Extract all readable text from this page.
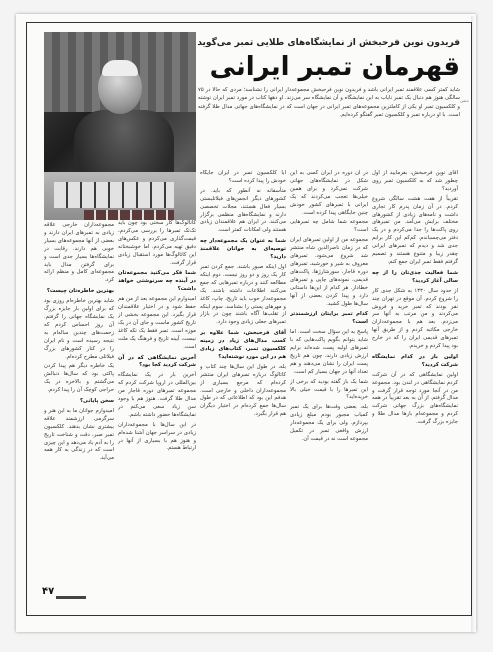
فریدون نوین فرحبخش از نمایشگاه‌های طلایی تمبر می‌گوید
قهرمان تمبر ایرانی
شاید کمتر کسی علاقمند تمبر ایرانی باشد و فریدون نوین فرحبخش مجموعه‌دار ایرانی را نشناسد؛ مردی که حالا در ۷۵ سالگی هنوز هم دنبال یک تمبر نایاب به این نمایشگاه و آن نمایشگاه سر می‌زند. او دهها کتاب در مورد تمبر ایران نوشته و کلکسیون تمبر او یکی از کاملترین مجموعه‌های تمبر ایرانی در جهان است که در نمایشگاه‌های جهانی مدال طلا گرفته است. با او درباره تمبر و کلکسیون تمبر گفتگو کرده‌ایم.
آقای نوین فرحبخش، بفرمایید از اول چطور شد که به کلکسیون تمبر روی آوردید؟
تقریباً از هفت هشت سالگی شروع کردم. در آن زمان پدرم کار تجاری داشت و نامه‌های زیادی از کشورهای مختلف برایش می‌آمد. من تمبرهای روی پاکت‌ها را جدا می‌کردم و در یک دفتر می‌چسباندم. کم‌کم این کار برایم جدی شد و دیدم که تمبرهای ایرانی چقدر زیبا و متنوع هستند و تصمیم گرفتم فقط تمبر ایران جمع کنم.
شما فعالیت جدی‌تان را از چه سالی آغاز کردید؟
از حدود سال ۱۳۳۰ به شکل جدی کار را شروع کردم. آن موقع در تهران چند نفر بودند که تمبر خرید و فروش می‌کردند و من مرتب به آنها سر می‌زدم. بعد هم با مجموعه‌داران خارجی مکاتبه کردم و از طریق آنها تمبرهای قدیمی ایران را که در خارج بود پیدا کردم و خریدم.
اولین بار در کدام نمایشگاه شرکت کردید؟
اولین نمایشگاهی که در آن شرکت کردم نمایشگاهی در لندن بود. مجموعه من در آنجا مورد توجه قرار گرفت و مدال گرفتم. از آن به بعد تقریباً در همه نمایشگاه‌های بزرگ جهانی شرکت کردم و مجموعه‌ام بارها مدال طلا و جایزه بزرگ گرفت.
در آن دوره در ایران کسی به این شکل در نمایشگاه‌های جهانی شرکت نمی‌کرد و برای همین خیلی‌ها تعجب می‌کردند که یک ایرانی با تمبرهای کشور خودش چنین جایگاهی پیدا کرده است.
مجموعه شما شامل چه تمبرهایی است؟
مجموعه من از اولین تمبرهای ایران که در زمان ناصرالدین شاه منتشر شد شروع می‌شود. تمبرهای معروف به شیر و خورشید، تمبرهای دوره قاجار، سورشارژها، پاکت‌های قدیمی، نمونه‌های چاپی و تمبرهای خطادار. هر کدام از این‌ها داستانی دارد و پیدا کردن بعضی از آنها سال‌ها طول کشید.
کدام تمبر برایتان ارزشمندتر است؟
پاسخ به این سؤال سخت است. اما شاید بتوانم بگویم پاکت‌هایی که با تمبرهای اولیه پست شده‌اند برایم ارزش زیادی دارند، چون هم تاریخ پست ایران را نشان می‌دهند و هم تعداد آنها در جهان بسیار کم است.
شما یک بار گفته بودید که برخی از این تمبرها را با قیمت خیلی بالا خریده‌اید؟
بله، بعضی وقت‌ها برای یک تمبر کمیاب مجبور بودم مبلغ زیادی بپردازم. ولی برای یک مجموعه‌دار ارزش واقعی تمبر در تکمیل مجموعه است نه در قیمت آن.
آیا کلکسیون تمبر در ایران جایگاه خودش را پیدا کرده است؟
متأسفانه نه آنطور که باید. در کشورهای دیگر انجمن‌های فیلاتلیستی بسیار فعال هستند، مجلات تخصصی دارند و نمایشگاه‌های منظمی برگزار می‌کنند. در ایران هم علاقمندان زیادی هستند ولی امکانات کمتر است.
شما به عنوان یک مجموعه‌دار چه توصیه‌ای به جوانان علاقمند دارید؟
اول اینکه صبور باشند. جمع کردن تمبر کار یک روز و دو روز نیست. دوم اینکه مطالعه کنند و درباره تمبرهایی که جمع می‌کنند اطلاعات داشته باشند. یک مجموعه‌دار خوب باید تاریخ، چاپ، کاغذ و مهرهای پستی را بشناسد. سوم اینکه از تقلب‌ها آگاه باشند چون در بازار تمبرهای جعلی زیادی وجود دارد.
آقای فرحبخش، شما علاوه بر کسب مدال‌های زیاد در زمینه کلکسیون تمبر، کتاب‌های زیادی هم در این مورد نوشته‌اید؟
بله، در طول این سال‌ها چند کتاب و کاتالوگ درباره تمبرهای ایران منتشر کرده‌ام که مرجع بسیاری از مجموعه‌داران داخلی و خارجی است. هدفم این بود که اطلاعاتی که در طول سال‌ها جمع کرده‌ام در اختیار دیگران هم قرار بگیرد.
کاتالوگ‌ها کار سختی بود چون باید تک‌تک تمبرها را بررسی می‌کردم، قیمت‌گذاری می‌کردم و عکس‌های دقیق تهیه می‌کردم. اما خوشبختانه این کاتالوگ‌ها مورد استقبال زیادی قرار گرفت.
شما فکر می‌کنید مجموعه‌تان در آینده چه سرنوشتی خواهد داشت؟
امیدوارم این مجموعه بعد از من هم حفظ شود و در اختیار علاقمندان قرار بگیرد. این مجموعه بخشی از تاریخ کشور ماست و جای آن در یک موزه است. تمبر فقط یک تکه کاغذ نیست، آیینه تاریخ و فرهنگ یک ملت است.
آخرین نمایشگاهی که در آن شرکت کردید کجا بود؟
آخرین بار در یک نمایشگاه بین‌المللی در اروپا شرکت کردم که مجموعه تمبرهای دوره قاجار من مدال طلا گرفت. هنوز هم با وجود سن زیاد سعی می‌کنم در نمایشگاه‌ها حضور داشته باشم.
در این سال‌ها با مجموعه‌داران زیادی در سراسر جهان آشنا شده‌ام و هنوز هم با بسیاری از آنها در ارتباط هستم.
مجموعه‌داران خارجی علاقه زیادی به تمبرهای ایران دارند و بعضی از آنها مجموعه‌های بسیار خوبی هم دارند. رقابت در نمایشگاه‌ها بسیار جدی است و برای گرفتن مدال باید مجموعه‌ای کامل و منظم ارائه کرد.
بهترین خاطره‌تان چیست؟
شاید بهترین خاطره‌ام روزی بود که برای اولین بار جایزه بزرگ یک نمایشگاه جهانی را گرفتم. آن روز احساس کردم که زحمت‌های چندین ساله‌ام به نتیجه رسیده است و نام ایران را در کنار کشورهای بزرگ فیلاتلی مطرح کرده‌ام.
یک خاطره دیگر هم پیدا کردن پاکتی بود که سال‌ها دنبالش می‌گشتم و بالاخره در یک حراجی کوچک آن را پیدا کردم.
سخن پایانی؟
امیدوارم جوانان ما به این هنر و سرگرمی ارزشمند علاقه بیشتری نشان بدهند. کلکسیون تمبر صبر، دقت و شناخت تاریخ را به آدم یاد می‌دهد و این چیزی است که در زندگی به کار همه می‌آید.
۴۷
جشن
